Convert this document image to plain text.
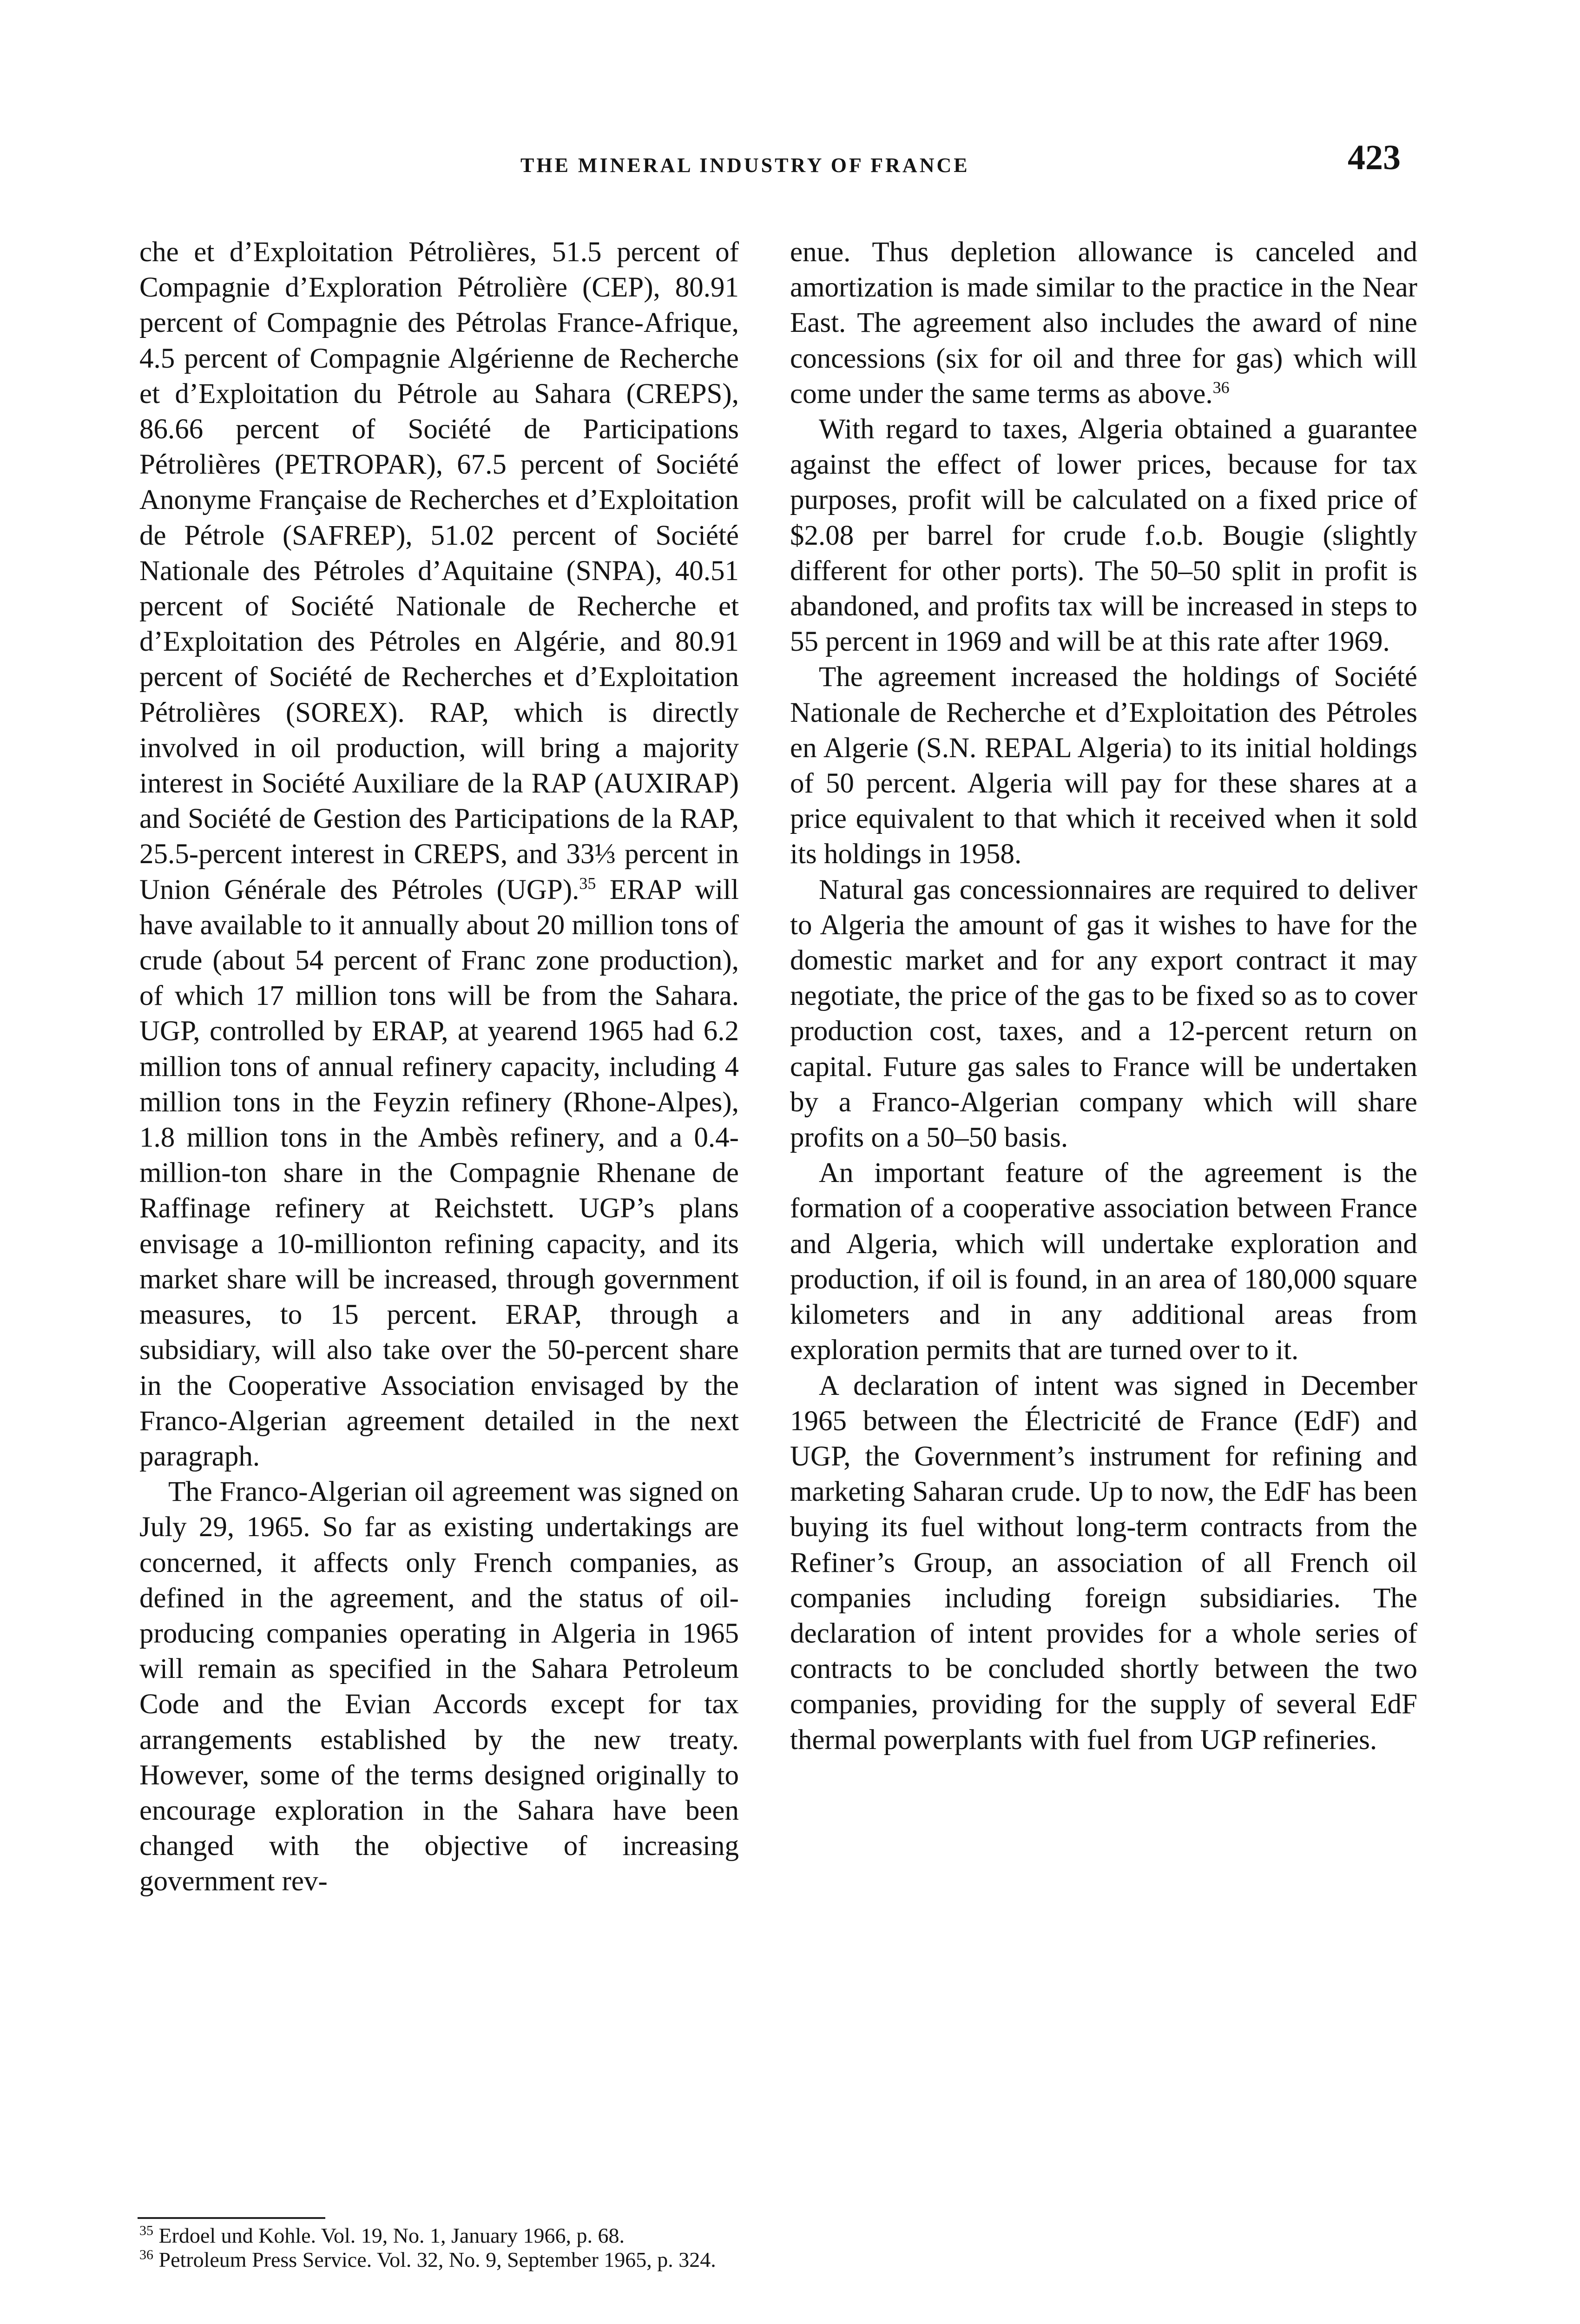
THE MINERAL INDUSTRY OF FRANCE	423

che et d’Exploitation Pétrolières, 51.5 percent of Compagnie d’Exploration Pétrolière (CEP), 80.91 percent of Compagnie des Pétrolas France-Afrique, 4.5 percent of Compagnie Algérienne de Recherche et d’Exploitation du Pétrole au Sahara (CREPS), 86.66 percent of Société de Participations Pétrolières (PETROPAR), 67.5 percent of Société Anonyme Française de Recherches et d’Exploitation de Pétrole (SAFREP), 51.02 percent of Société Nationale des Pétroles d’Aquitaine (SNPA), 40.51 percent of Société Nationale de Recherche et d’Exploitation des Pétroles en Algérie, and 80.91 percent of Société de Recherches et d’Exploitation Pétrolières (SOREX). RAP, which is directly involved in oil production, will bring a majority interest in Société Auxiliare de la RAP (AUXIRAP) and Société de Gestion des Participations de la RAP, 25.5-percent interest in CREPS, and 33⅓ percent in Union Générale des Pétroles (UGP).$^{35}$ ERAP will have available to it annually about 20 million tons of crude (about 54 percent of Franc zone production), of which 17 million tons will be from the Sahara. UGP, controlled by ERAP, at yearend 1965 had 6.2 million tons of annual refinery capacity, including 4 million tons in the Feyzin refinery (Rhone-Alpes), 1.8 million tons in the Ambès refinery, and a 0.4-million-ton share in the Compagnie Rhenane de Raffinage refinery at Reichstett. UGP’s plans envisage a 10-millionton refining capacity, and its market share will be increased, through government measures, to 15 percent. ERAP, through a subsidiary, will also take over the 50-percent share in the Cooperative Association envisaged by the Franco-Algerian agreement detailed in the next paragraph.

The Franco-Algerian oil agreement was signed on July 29, 1965. So far as existing undertakings are concerned, it affects only French companies, as defined in the agreement, and the status of oil-producing companies operating in Algeria in 1965 will remain as specified in the Sahara Petroleum Code and the Evian Accords except for tax arrangements established by the new treaty. However, some of the terms designed originally to encourage exploration in the Sahara have been changed with the objective of increasing government rev-

enue. Thus depletion allowance is canceled and amortization is made similar to the practice in the Near East. The agreement also includes the award of nine concessions (six for oil and three for gas) which will come under the same terms as above.$^{36}$

With regard to taxes, Algeria obtained a guarantee against the effect of lower prices, because for tax purposes, profit will be calculated on a fixed price of $2.08 per barrel for crude f.o.b. Bougie (slightly different for other ports). The 50–50 split in profit is abandoned, and profits tax will be increased in steps to 55 percent in 1969 and will be at this rate after 1969.

The agreement increased the holdings of Société Nationale de Recherche et d’Exploitation des Pétroles en Algerie (S.N. REPAL Algeria) to its initial holdings of 50 percent. Algeria will pay for these shares at a price equivalent to that which it received when it sold its holdings in 1958.

Natural gas concessionnaires are required to deliver to Algeria the amount of gas it wishes to have for the domestic market and for any export contract it may negotiate, the price of the gas to be fixed so as to cover production cost, taxes, and a 12-percent return on capital. Future gas sales to France will be undertaken by a Franco-Algerian company which will share profits on a 50–50 basis.

An important feature of the agreement is the formation of a cooperative association between France and Algeria, which will undertake exploration and production, if oil is found, in an area of 180,000 square kilometers and in any additional areas from exploration permits that are turned over to it.

A declaration of intent was signed in December 1965 between the Électricité de France (EdF) and UGP, the Government’s instrument for refining and marketing Saharan crude. Up to now, the EdF has been buying its fuel without long-term contracts from the Refiner’s Group, an association of all French oil companies including foreign subsidiaries. The declaration of intent provides for a whole series of contracts to be concluded shortly between the two companies, providing for the supply of several EdF thermal powerplants with fuel from UGP refineries.

$^{35}$ Erdoel und Kohle. Vol. 19, No. 1, January 1966, p. 68.
$^{36}$ Petroleum Press Service. Vol. 32, No. 9, September 1965, p. 324.
